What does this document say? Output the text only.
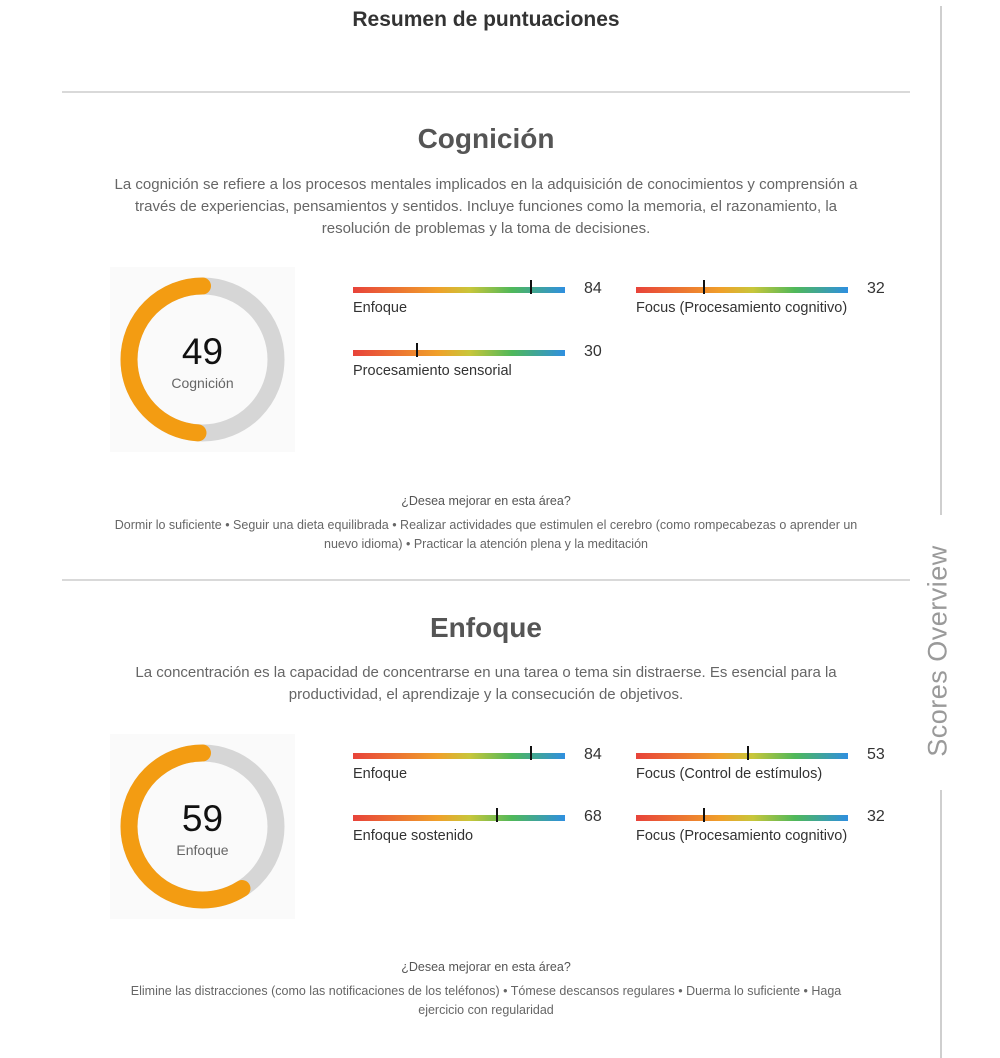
Resumen de puntuaciones
Scores Overview
Cognición
La cognición se refiere a los procesos mentales implicados en la adquisición de conocimientos y comprensión a través de experiencias, pensamientos y sentidos. Incluye funciones como la memoria, el razonamiento, la resolución de problemas y la toma de decisiones.
49
Cognición
84
Enfoque
32
Focus (Procesamiento cognitivo)
30
Procesamiento sensorial
¿Desea mejorar en esta área?
Dormir lo suficiente • Seguir una dieta equilibrada • Realizar actividades que estimulen el cerebro (como rompecabezas o aprender un nuevo idioma) • Practicar la atención plena y la meditación
Enfoque
La concentración es la capacidad de concentrarse en una tarea o tema sin distraerse. Es esencial para la productividad, el aprendizaje y la consecución de objetivos.
59
Enfoque
84
Enfoque
53
Focus (Control de estímulos)
68
Enfoque sostenido
32
Focus (Procesamiento cognitivo)
¿Desea mejorar en esta área?
Elimine las distracciones (como las notificaciones de los teléfonos) • Tómese descansos regulares • Duerma lo suficiente • Haga ejercicio con regularidad
